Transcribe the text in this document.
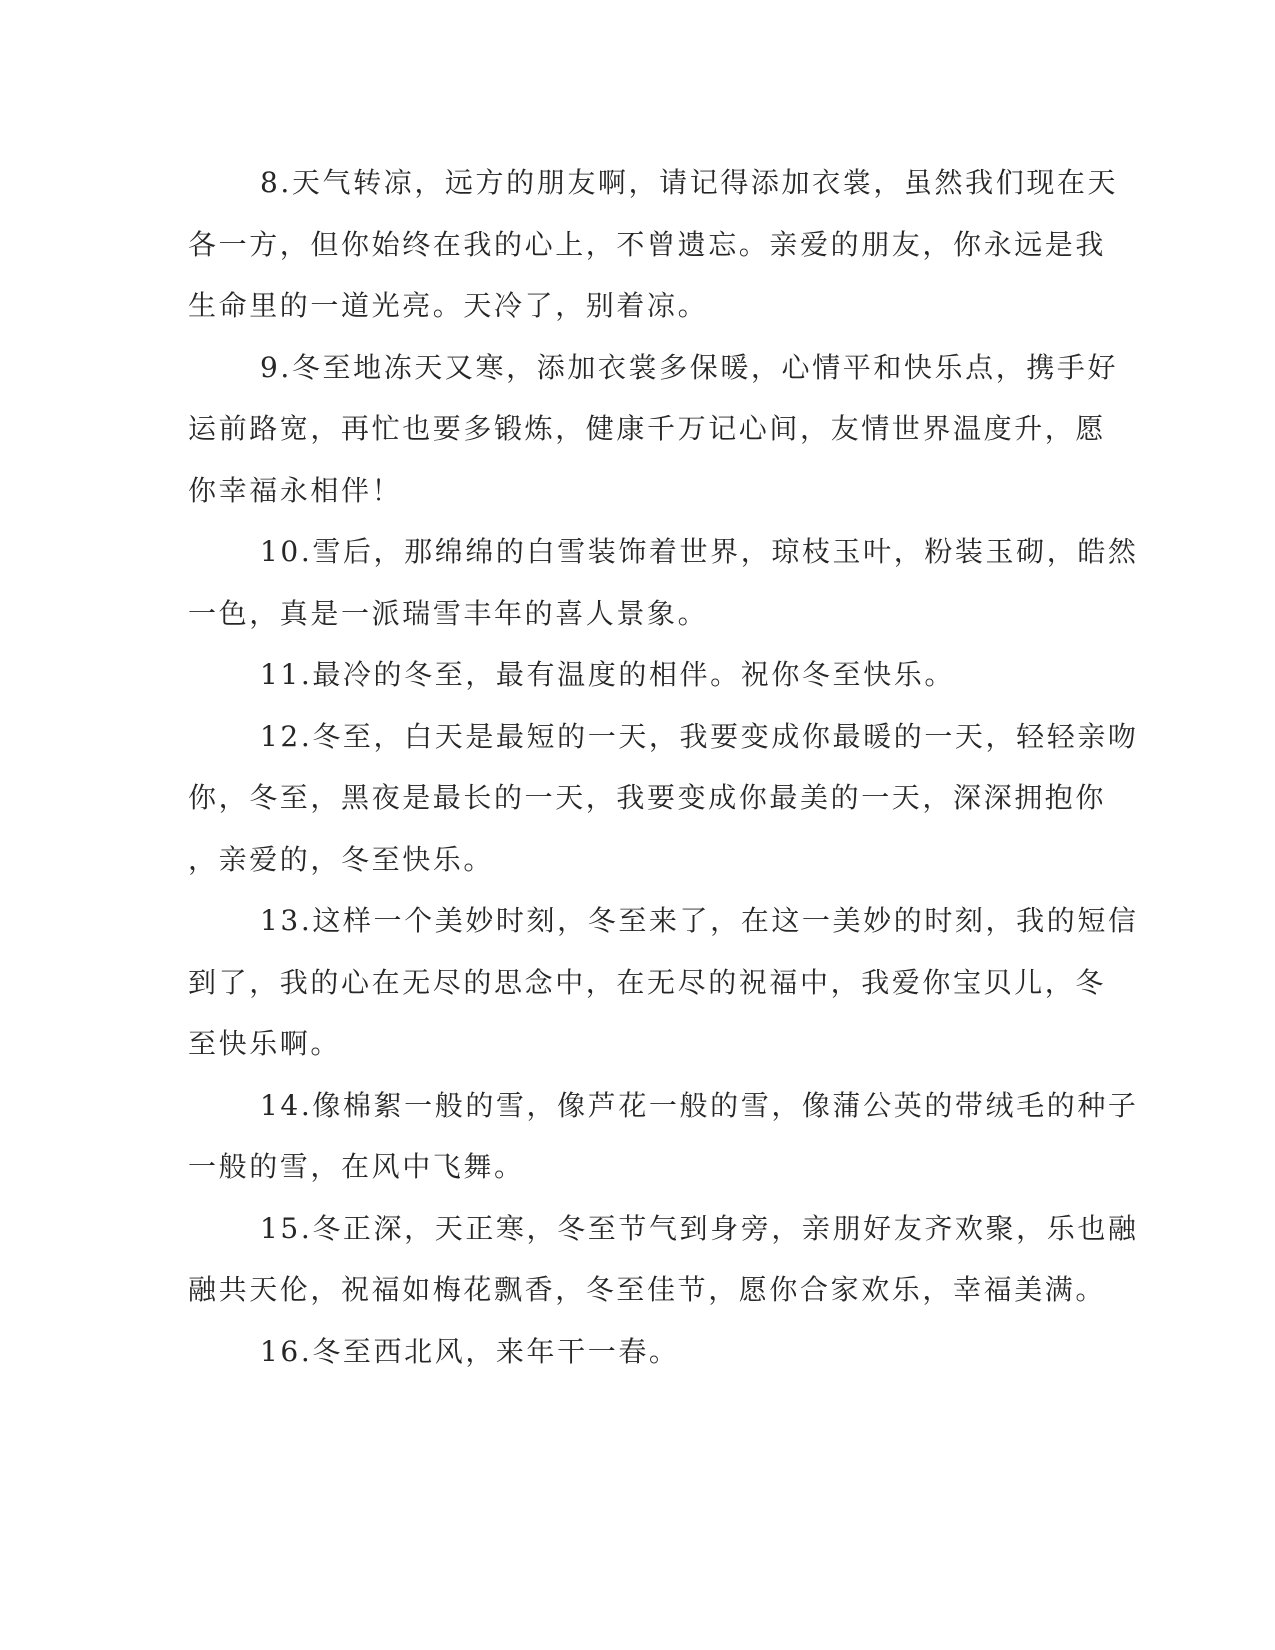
8.天气转凉，远方的朋友啊，请记得添加衣裳，虽然我们现在天
各一方，但你始终在我的心上，不曾遗忘。亲爱的朋友，你永远是我
生命里的一道光亮。天冷了，别着凉。

9.冬至地冻天又寒，添加衣裳多保暖，心情平和快乐点，携手好
运前路宽，再忙也要多锻炼，健康千万记心间，友情世界温度升，愿
你幸福永相伴！

10.雪后，那绵绵的白雪装饰着世界，琼枝玉叶，粉装玉砌，皓然
一色，真是一派瑞雪丰年的喜人景象。

11.最冷的冬至，最有温度的相伴。祝你冬至快乐。

12.冬至，白天是最短的一天，我要变成你最暖的一天，轻轻亲吻
你，冬至，黑夜是最长的一天，我要变成你最美的一天，深深拥抱你
，亲爱的，冬至快乐。

13.这样一个美妙时刻，冬至来了，在这一美妙的时刻，我的短信
到了，我的心在无尽的思念中，在无尽的祝福中，我爱你宝贝儿，冬
至快乐啊。

14.像棉絮一般的雪，像芦花一般的雪，像蒲公英的带绒毛的种子
一般的雪，在风中飞舞。

15.冬正深，天正寒，冬至节气到身旁，亲朋好友齐欢聚，乐也融
融共天伦，祝福如梅花飘香，冬至佳节，愿你合家欢乐，幸福美满。

16.冬至西北风，来年干一春。
